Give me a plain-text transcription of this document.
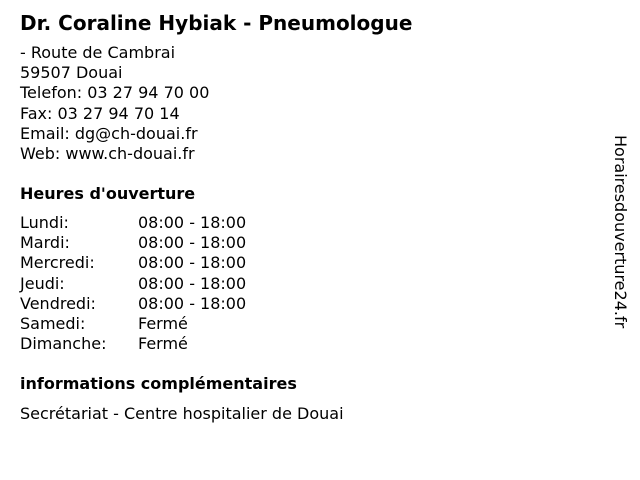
Dr. Coraline Hybiak - Pneumologue
- Route de Cambrai
59507 Douai
Telefon: 03 27 94 70 00
Fax: 03 27 94 70 14
Email: dg@ch-douai.fr
Web: www.ch-douai.fr
Heures d'ouverture
Lundi:	08:00 - 18:00
Mardi:	08:00 - 18:00
Mercredi:	08:00 - 18:00
Jeudi:	08:00 - 18:00
Vendredi:	08:00 - 18:00
Samedi:	Fermé
Dimanche:	Fermé
informations complémentaires
Secrétariat - Centre hospitalier de Douai
Horairesdouverture24.fr
